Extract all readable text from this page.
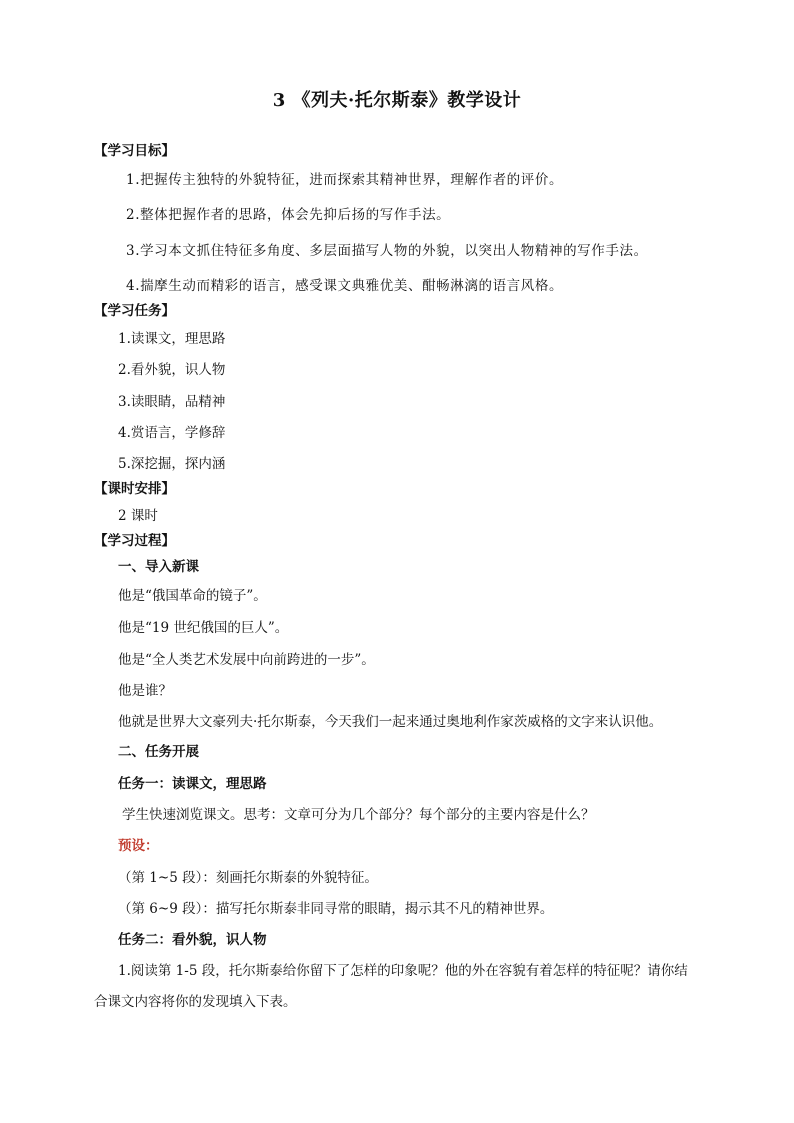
3 《列夫·托尔斯泰》教学设计
【学习目标】
1.把握传主独特的外貌特征，进而探索其精神世界，理解作者的评价。
2.整体把握作者的思路，体会先抑后扬的写作手法。
3.学习本文抓住特征多角度、多层面描写人物的外貌，以突出人物精神的写作手法。
4.揣摩生动而精彩的语言，感受课文典雅优美、酣畅淋漓的语言风格。
【学习任务】
1.读课文，理思路
2.看外貌，识人物
3.读眼睛，品精神
4.赏语言，学修辞
5.深挖掘，探内涵
【课时安排】
2 课时
【学习过程】
一、导入新课
他是“俄国革命的镜子”。
他是“19 世纪俄国的巨人”。
他是“全人类艺术发展中向前跨进的一步”。
他是谁？
他就是世界大文豪列夫·托尔斯泰，今天我们一起来通过奥地利作家茨威格的文字来认识他。
二、任务开展
任务一：读课文，理思路
学生快速浏览课文。思考：文章可分为几个部分？每个部分的主要内容是什么？
预设：
（第 1~5 段）：刻画托尔斯泰的外貌特征。
（第 6~9 段）：描写托尔斯泰非同寻常的眼睛，揭示其不凡的精神世界。
任务二：看外貌，识人物
1.阅读第 1-5 段，托尔斯泰给你留下了怎样的印象呢？他的外在容貌有着怎样的特征呢？请你结
合课文内容将你的发现填入下表。
